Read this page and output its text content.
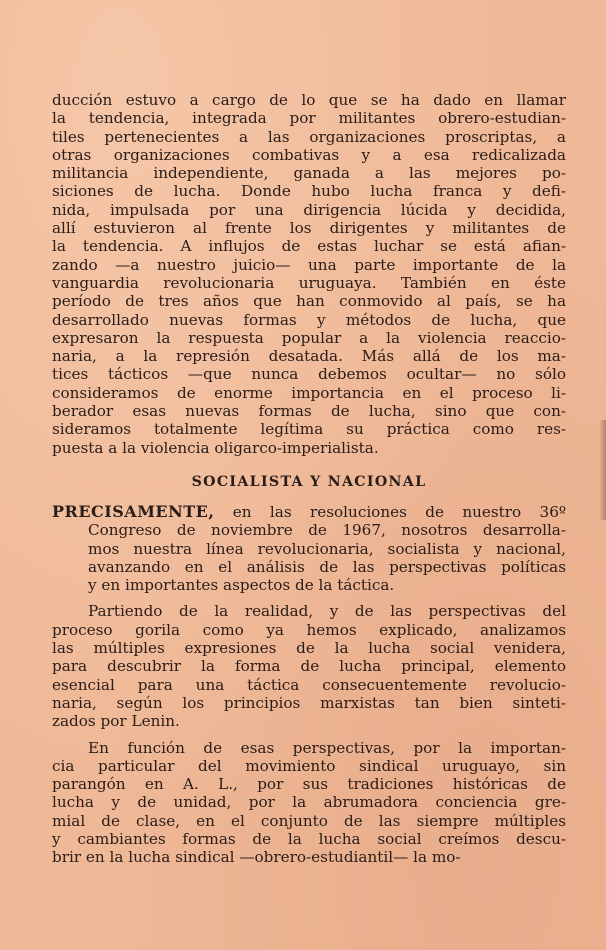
ducción estuvo a cargo de lo que se ha dado en llamar
la tendencia, integrada por militantes obrero-estudian-
tiles pertenecientes a las organizaciones proscriptas, a
otras organizaciones combativas y a esa redicalizada
militancia independiente, ganada a las mejores po-
siciones de lucha. Donde hubo lucha franca y defi-
nida, impulsada por una dirigencia lúcida y decidida,
allí estuvieron al frente los dirigentes y militantes de
la tendencia. A influjos de estas luchar se está afian-
zando —a nuestro juicio— una parte importante de la
vanguardia revolucionaria uruguaya. También en éste
período de tres años que han conmovido al país, se ha
desarrollado nuevas formas y métodos de lucha, que
expresaron la respuesta popular a la violencia reaccio-
naria, a la represión desatada. Más allá de los ma-
tices tácticos —que nunca debemos ocultar— no sólo
consideramos de enorme importancia en el proceso li-
berador esas nuevas formas de lucha, sino que con-
sideramos totalmente legítima su práctica como res-
puesta a la violencia oligarco-imperialista.

SOCIALISTA Y NACIONAL

PRECISAMENTE, en las resoluciones de nuestro 36º
Congreso de noviembre de 1967, nosotros desarrolla-
mos nuestra línea revolucionaria, socialista y nacional,
avanzando en el análisis de las perspectivas políticas
y en importantes aspectos de la táctica.

Partiendo de la realidad, y de las perspectivas del
proceso gorila como ya hemos explicado, analizamos
las múltiples expresiones de la lucha social venidera,
para descubrir la forma de lucha principal, elemento
esencial para una táctica consecuentemente revolucio-
naria, según los principios marxistas tan bien sinteti-
zados por Lenin.

En función de esas perspectivas, por la importan-
cia particular del movimiento sindical uruguayo, sin
parangón en A. L., por sus tradiciones históricas de
lucha y de unidad, por la abrumadora conciencia gre-
mial de clase, en el conjunto de las siempre múltiples
y cambiantes formas de la lucha social creímos descu-
brir en la lucha sindical —obrero-estudiantil— la mo-
